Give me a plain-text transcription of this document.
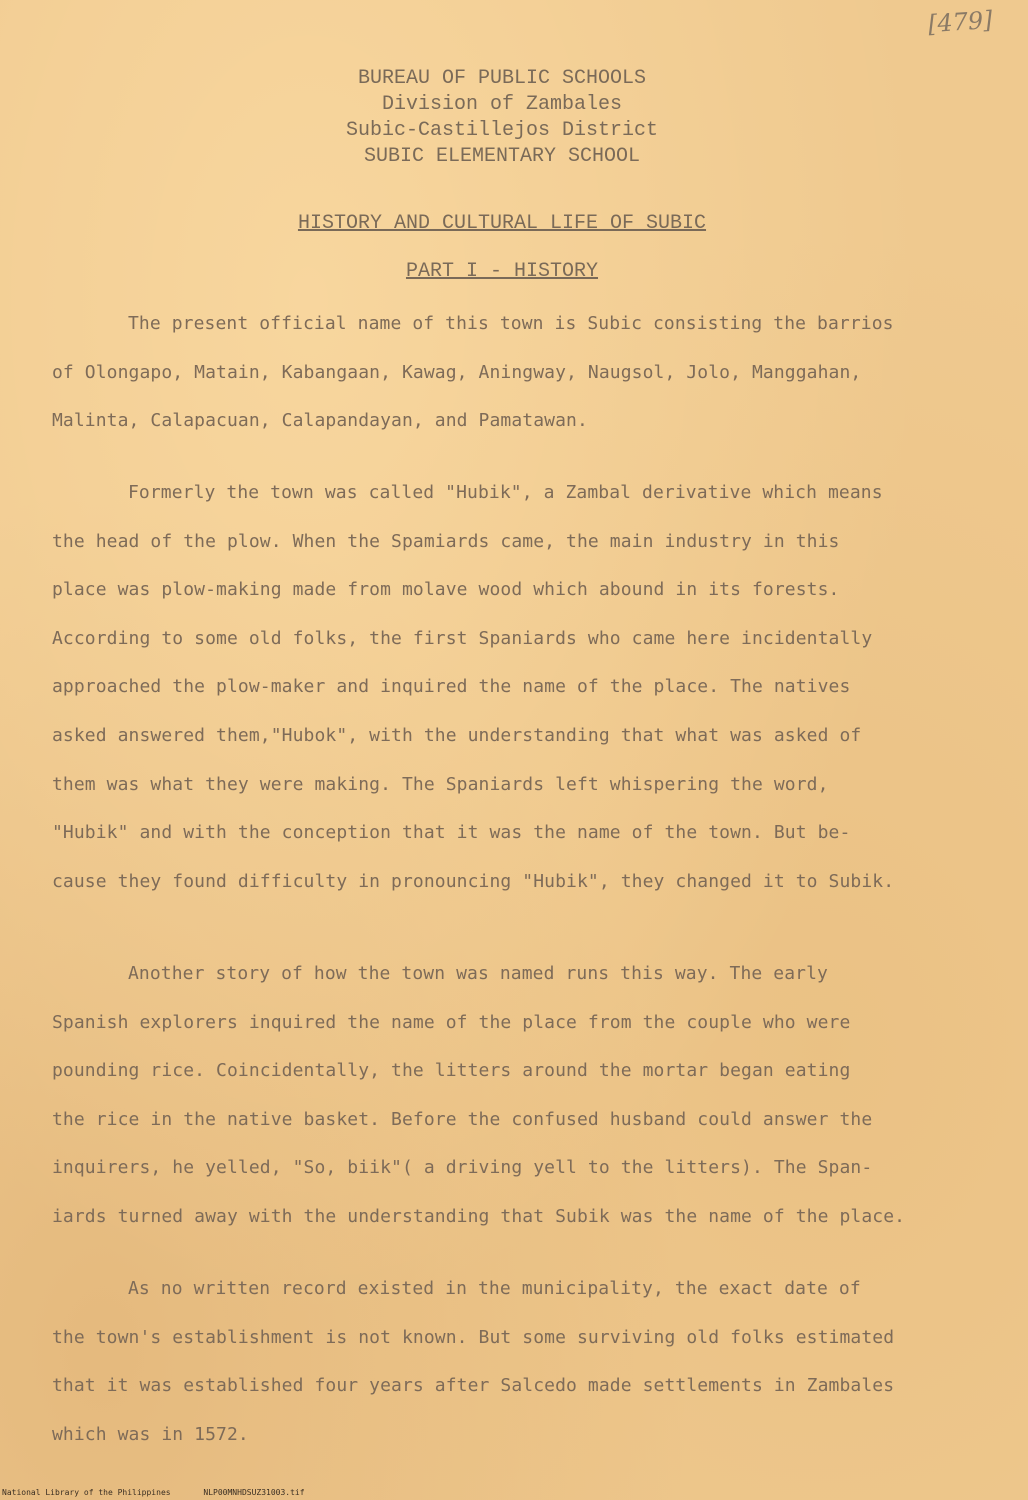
[479]
BUREAU OF PUBLIC SCHOOLS
Division of Zambales
Subic-Castillejos District
SUBIC ELEMENTARY SCHOOL
HISTORY AND CULTURAL LIFE OF SUBIC
PART I - HISTORY
The present official name of this town is Subic consisting the barrios
of Olongapo, Matain, Kabangaan, Kawag, Aningway, Naugsol, Jolo, Manggahan,
Malinta, Calapacuan, Calapandayan, and Pamatawan.
Formerly the town was called "Hubik", a Zambal derivative which means
the head of the plow. When the Spamiards came, the main industry in this
place was plow-making made from molave wood which abound in its forests.
According to some old folks, the first Spaniards who came here incidentally
approached the plow-maker and inquired the name of the place. The natives
asked answered them,"Hubok", with the understanding that what was asked of
them was what they were making. The Spaniards left whispering the word,
"Hubik" and with the conception that it was the name of the town. But be-
cause they found difficulty in pronouncing "Hubik", they changed it to Subik.
Another story of how the town was named runs this way. The early
Spanish explorers inquired the name of the place from the couple who were
pounding rice. Coincidentally, the litters around the mortar began eating
the rice in the native basket. Before the confused husband could answer the
inquirers, he yelled, "So, biik"( a driving yell to the litters). The Span-
iards turned away with the understanding that Subik was the name of the place.
As no written record existed in the municipality, the exact date of
the town's establishment is not known. But some surviving old folks estimated
that it was established four years after Salcedo made settlements in Zambales
which was in 1572.
National Library of the Philippines	NLP00MNHDSUZ31003.tif
